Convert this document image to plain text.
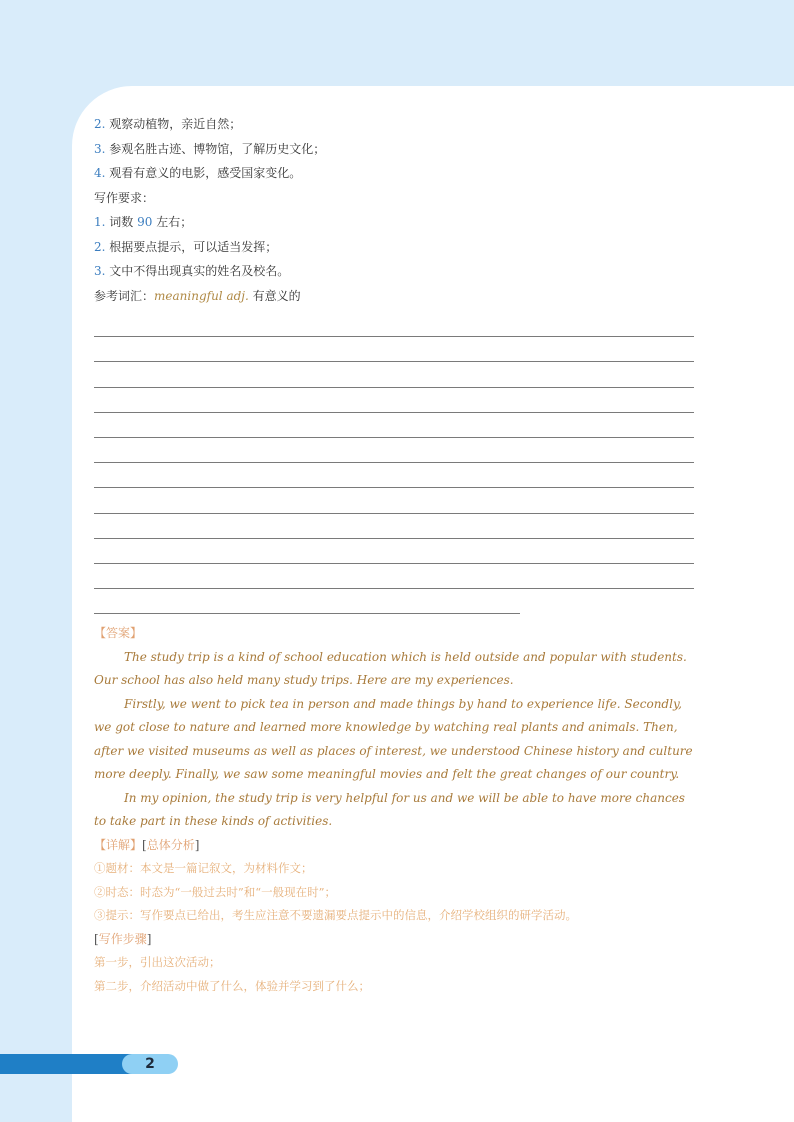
2. 观察动植物，亲近自然；
3. 参观名胜古迹、博物馆，了解历史文化；
4. 观看有意义的电影，感受国家变化。
写作要求：
1. 词数 90 左右；
2. 根据要点提示，可以适当发挥；
3. 文中不得出现真实的姓名及校名。
参考词汇：meaningful adj. 有意义的
【答案】

The study trip is a kind of school education which is held outside and popular with students. Our school has also held many study trips. Here are my experiences.

Firstly, we went to pick tea in person and made things by hand to experience life. Secondly, we got close to nature and learned more knowledge by watching real plants and animals. Then, after we visited museums as well as places of interest, we understood Chinese history and culture more deeply. Finally, we saw some meaningful movies and felt the great changes of our country.

In my opinion, the study trip is very helpful for us and we will be able to have more chances to take part in these kinds of activities.

【详解】[总体分析]
①题材：本文是一篇记叙文，为材料作文；
②时态：时态为“一般过去时”和“一般现在时”；
③提示：写作要点已给出，考生应注意不要遗漏要点提示中的信息，介绍学校组织的研学活动。
[写作步骤]
第一步，引出这次活动；
第二步，介绍活动中做了什么，体验并学习到了什么；
2
